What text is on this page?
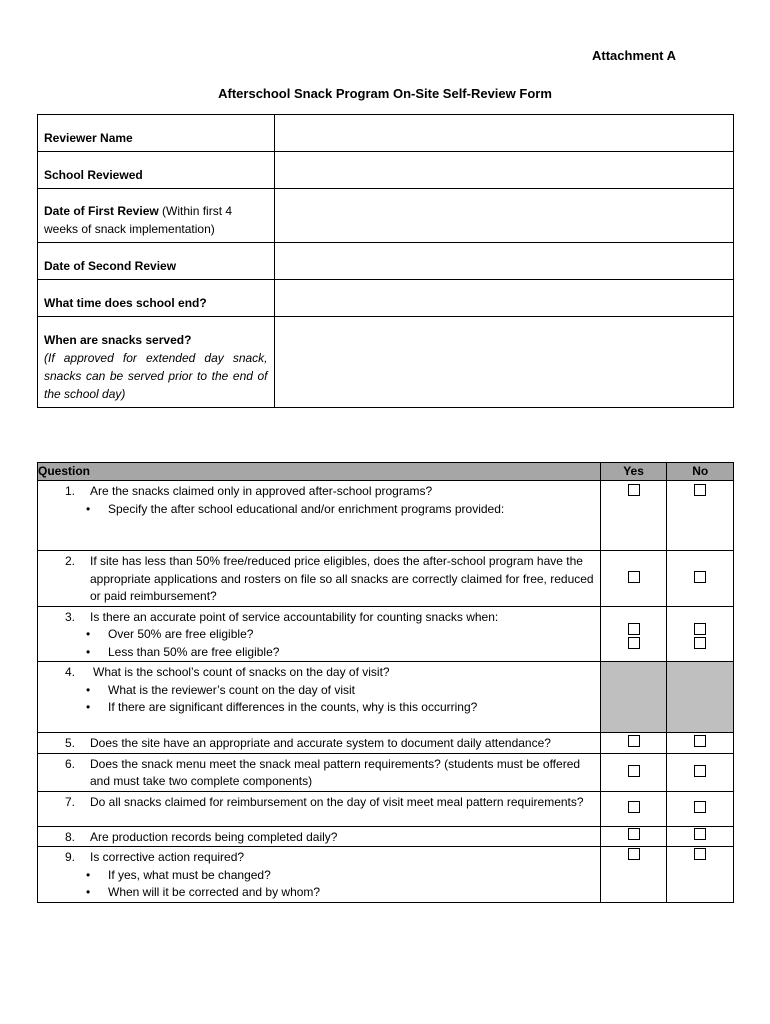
Attachment A
Afterschool Snack Program On-Site Self-Review Form
Reviewer Name	
School Reviewed	
Date of First Review (Within first 4 weeks of snack implementation)	
Date of Second Review	
What time does school end?	
When are snacks served?
(If approved for extended day snack, snacks can be served prior to the end of the school day)	

Question	Yes	No

1. Are the snacks claimed only in approved after-school programs?
• Specify the after school educational and/or enrichment programs provided:

2. If site has less than 50% free/reduced price eligibles, does the after-school program have the appropriate applications and rosters on file so all snacks are correctly claimed for free, reduced or paid reimbursement?		

3. Is there an accurate point of service accountability for counting snacks when:
• Over 50% are free eligible?
• Less than 50% are free eligible?

4. What is the school’s count of snacks on the day of visit?
• What is the reviewer’s count on the day of visit
• If there are significant differences in the counts, why is this occurring?

5. Does the site have an appropriate and accurate system to document daily attendance?		

6. Does the snack menu meet the snack meal pattern requirements? (students must be offered and must take two complete components)		

7. Do all snacks claimed for reimbursement on the day of visit meet meal pattern requirements?		

8. Are production records being completed daily?		

9. Is corrective action required?
• If yes, what must be changed?
• When will it be corrected and by whom?
